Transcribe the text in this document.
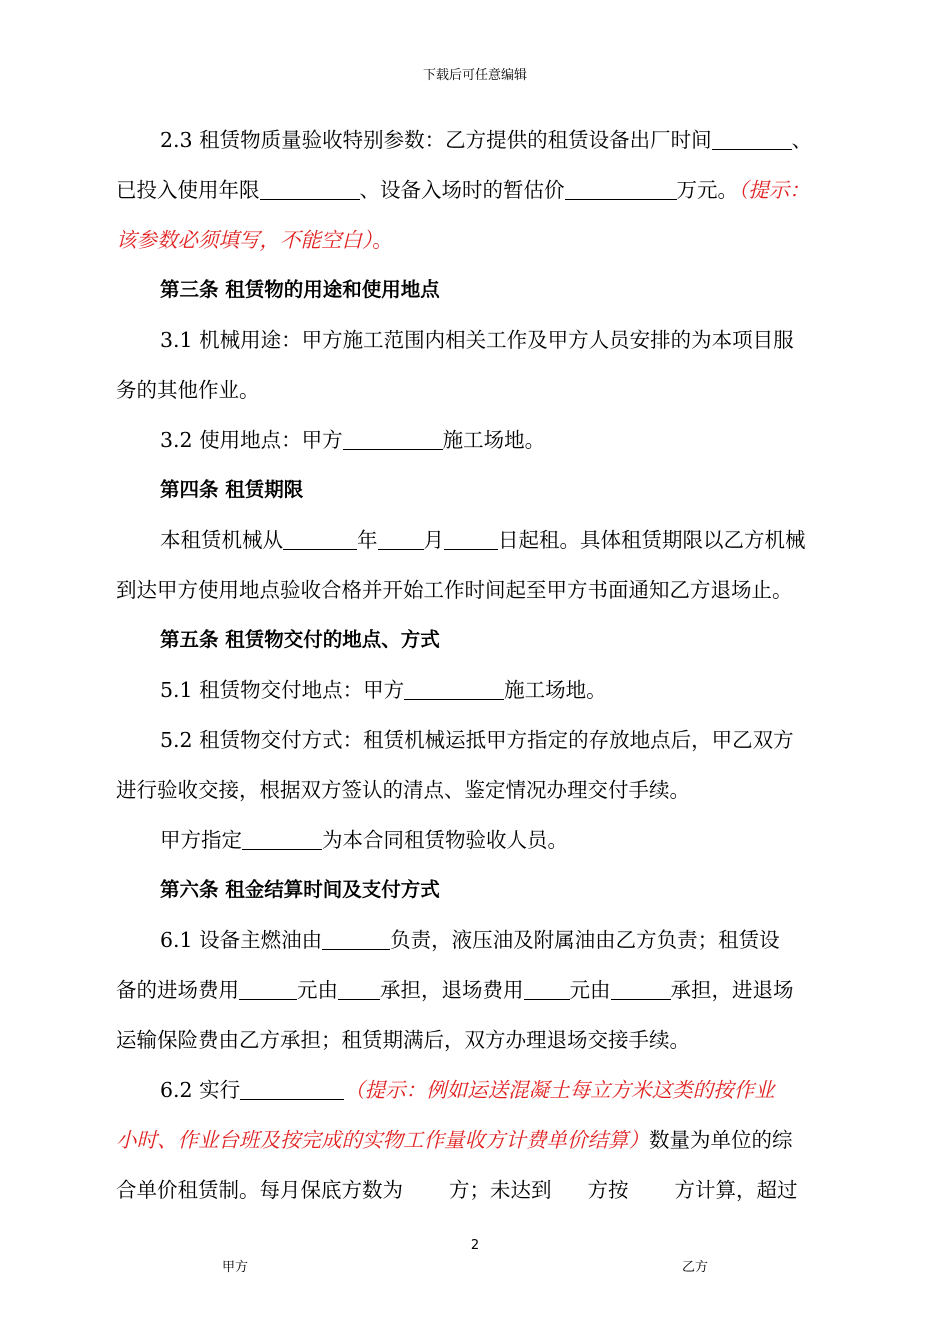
下载后可任意编辑
2.3 租赁物质量验收特别参数：乙方提供的租赁设备出厂时间	、
已投入使用年限	、设备入场时的暂估价	万元。（提示：
该参数必须填写，不能空白）。
第三条 租赁物的用途和使用地点
3.1 机械用途：甲方施工范围内相关工作及甲方人员安排的为本项目服
务的其他作业。
3.2 使用地点：甲方	施工场地。
第四条 租赁期限
本租赁机械从	年 月	日起租。具体租赁期限以乙方机械
到达甲方使用地点验收合格并开始工作时间起至甲方书面通知乙方退场止。
第五条 租赁物交付的地点、方式
5.1 租赁物交付地点：甲方	施工场地。
5.2 租赁物交付方式：租赁机械运抵甲方指定的存放地点后，甲乙双方
进行验收交接，根据双方签认的清点、鉴定情况办理交付手续。
甲方指定	为本合同租赁物验收人员。
第六条 租金结算时间及支付方式
6.1 设备主燃油由	负责，液压油及附属油由乙方负责；租赁设
备的进场费用	元由 承担，退场费用 元由	承担，进退场
运输保险费由乙方承担；租赁期满后，双方办理退场交接手续。
6.2 实行	（提示：例如运送混凝土每立方米这类的按作业
小时、作业台班及按完成的实物工作量收方计费单价结算）数量为单位的综
合单价租赁制。每月保底方数为 方；未达到 方按 方计算，超过
2
甲方	乙方
